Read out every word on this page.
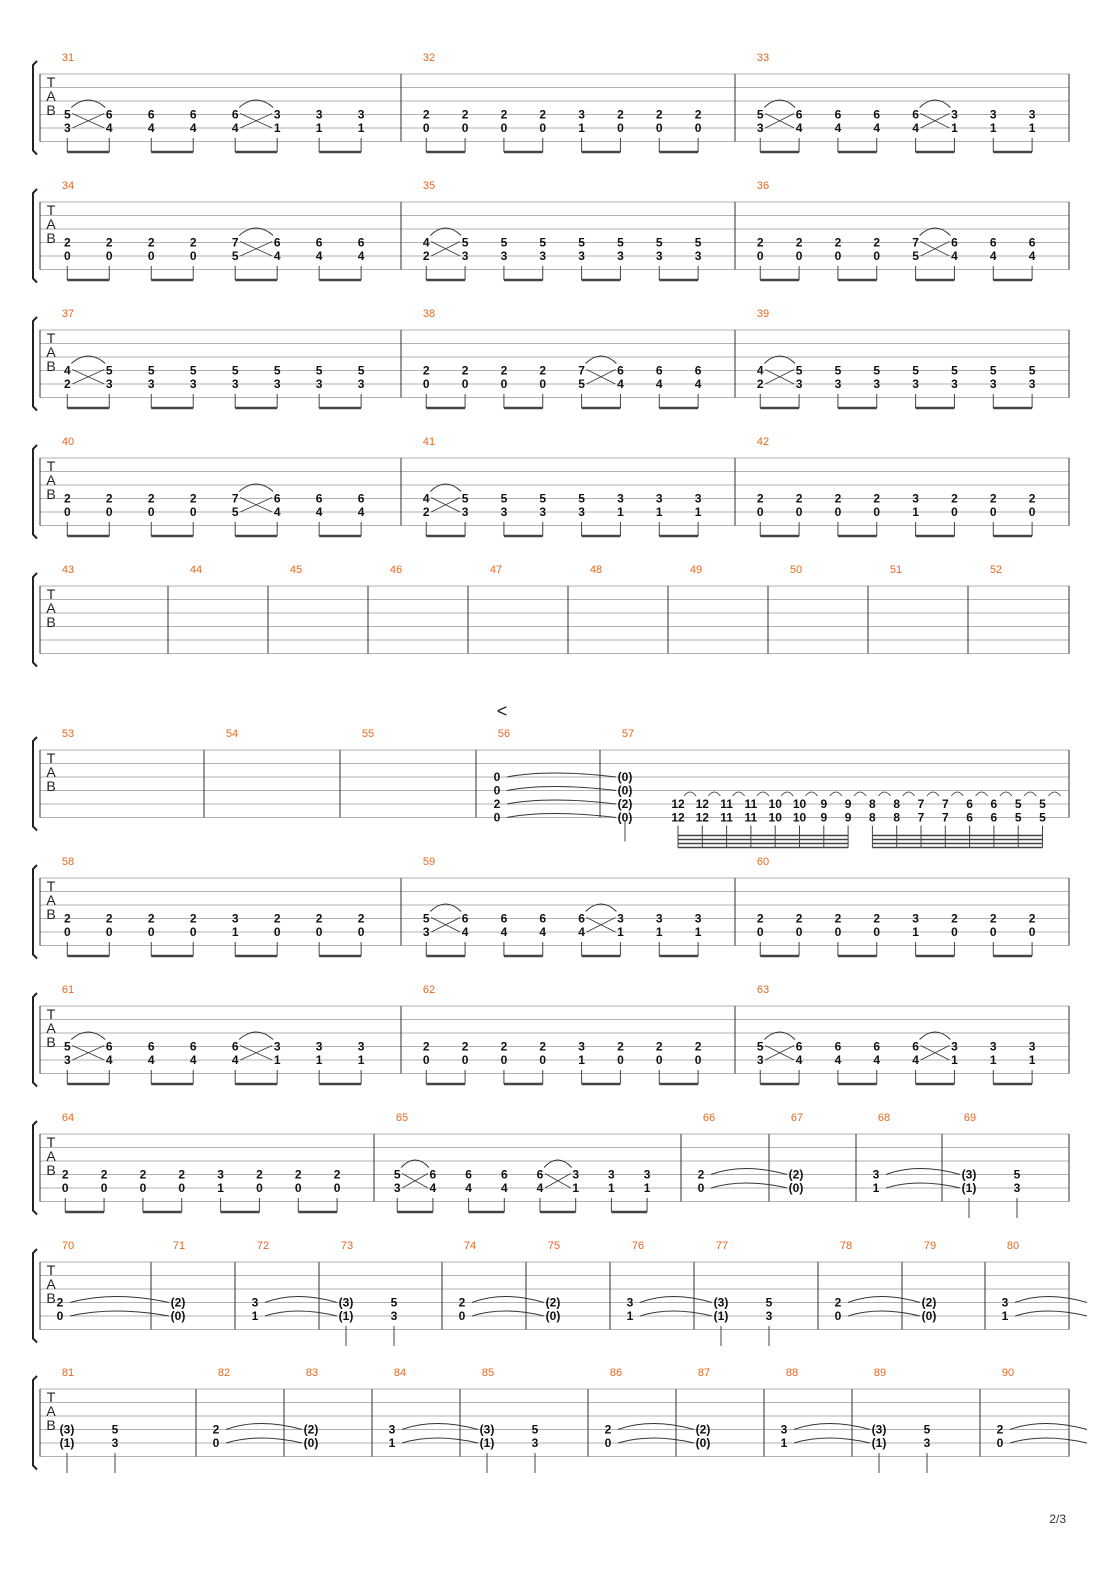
T
A
B
31
5
3
6
4
6
4
6
4
6
4
3
1
3
1
3
1
32
2
0
2
0
2
0
2
0
3
1
2
0
2
0
2
0
33
5
3
6
4
6
4
6
4
6
4
3
1
3
1
3
1
T
A
B
34
2
0
2
0
2
0
2
0
7
5
6
4
6
4
6
4
35
4
2
5
3
5
3
5
3
5
3
5
3
5
3
5
3
36
2
0
2
0
2
0
2
0
7
5
6
4
6
4
6
4
T
A
B
37
4
2
5
3
5
3
5
3
5
3
5
3
5
3
5
3
38
2
0
2
0
2
0
2
0
7
5
6
4
6
4
6
4
39
4
2
5
3
5
3
5
3
5
3
5
3
5
3
5
3
T
A
B
40
2
0
2
0
2
0
2
0
7
5
6
4
6
4
6
4
41
4
2
5
3
5
3
5
3
5
3
3
1
3
1
3
1
42
2
0
2
0
2
0
2
0
3
1
2
0
2
0
2
0
T
A
B
43	44	45	46	47	48	49	50	51	52
T
A
B
53	54	55	56
0
0
2
0
57
(0)
(0)
(2)
(0)
12
12
12
12
11
11
11
11
10
10
10
10
9
9
9
9
8
8
8
8
7
7
7
7
6
6
6
6
5
5
5
5
T
A
B
58
2
0
2
0
2
0
2
0
3
1
2
0
2
0
2
0
59
5
3
6
4
6
4
6
4
6
4
3
1
3
1
3
1
60
2
0
2
0
2
0
2
0
3
1
2
0
2
0
2
0
T
A
B
61
5
3
6
4
6
4
6
4
6
4
3
1
3
1
3
1
62
2
0
2
0
2
0
2
0
3
1
2
0
2
0
2
0
63
5
3
6
4
6
4
6
4
6
4
3
1
3
1
3
1
T
A
B
64
2
0
2
0
2
0
2
0
3
1
2
0
2
0
2
0
65
5
3
6
4
6
4
6
4
6
4
3
1
3
1
3
1
66
2
0
67
(2)
(0)
68
3
1
69
(3)
(1)
5
3
T
A
B
70
2
0
71
(2)
(0)
72
3
1
73
(3)
(1)
5
3
74
2
0
75
(2)
(0)
76
3
1
77
(3)
(1)
5
3
78
2
0
79
(2)
(0)
80
3
1
T
A
B
81
(3)
(1)
5
3
82
2
0
83
(2)
(0)
84
3
1
85
(3)
(1)
5
3
86
2
0
87
(2)
(0)
88
3
1
89
(3)
(1)
5
3
90
2
0
<
2/3
